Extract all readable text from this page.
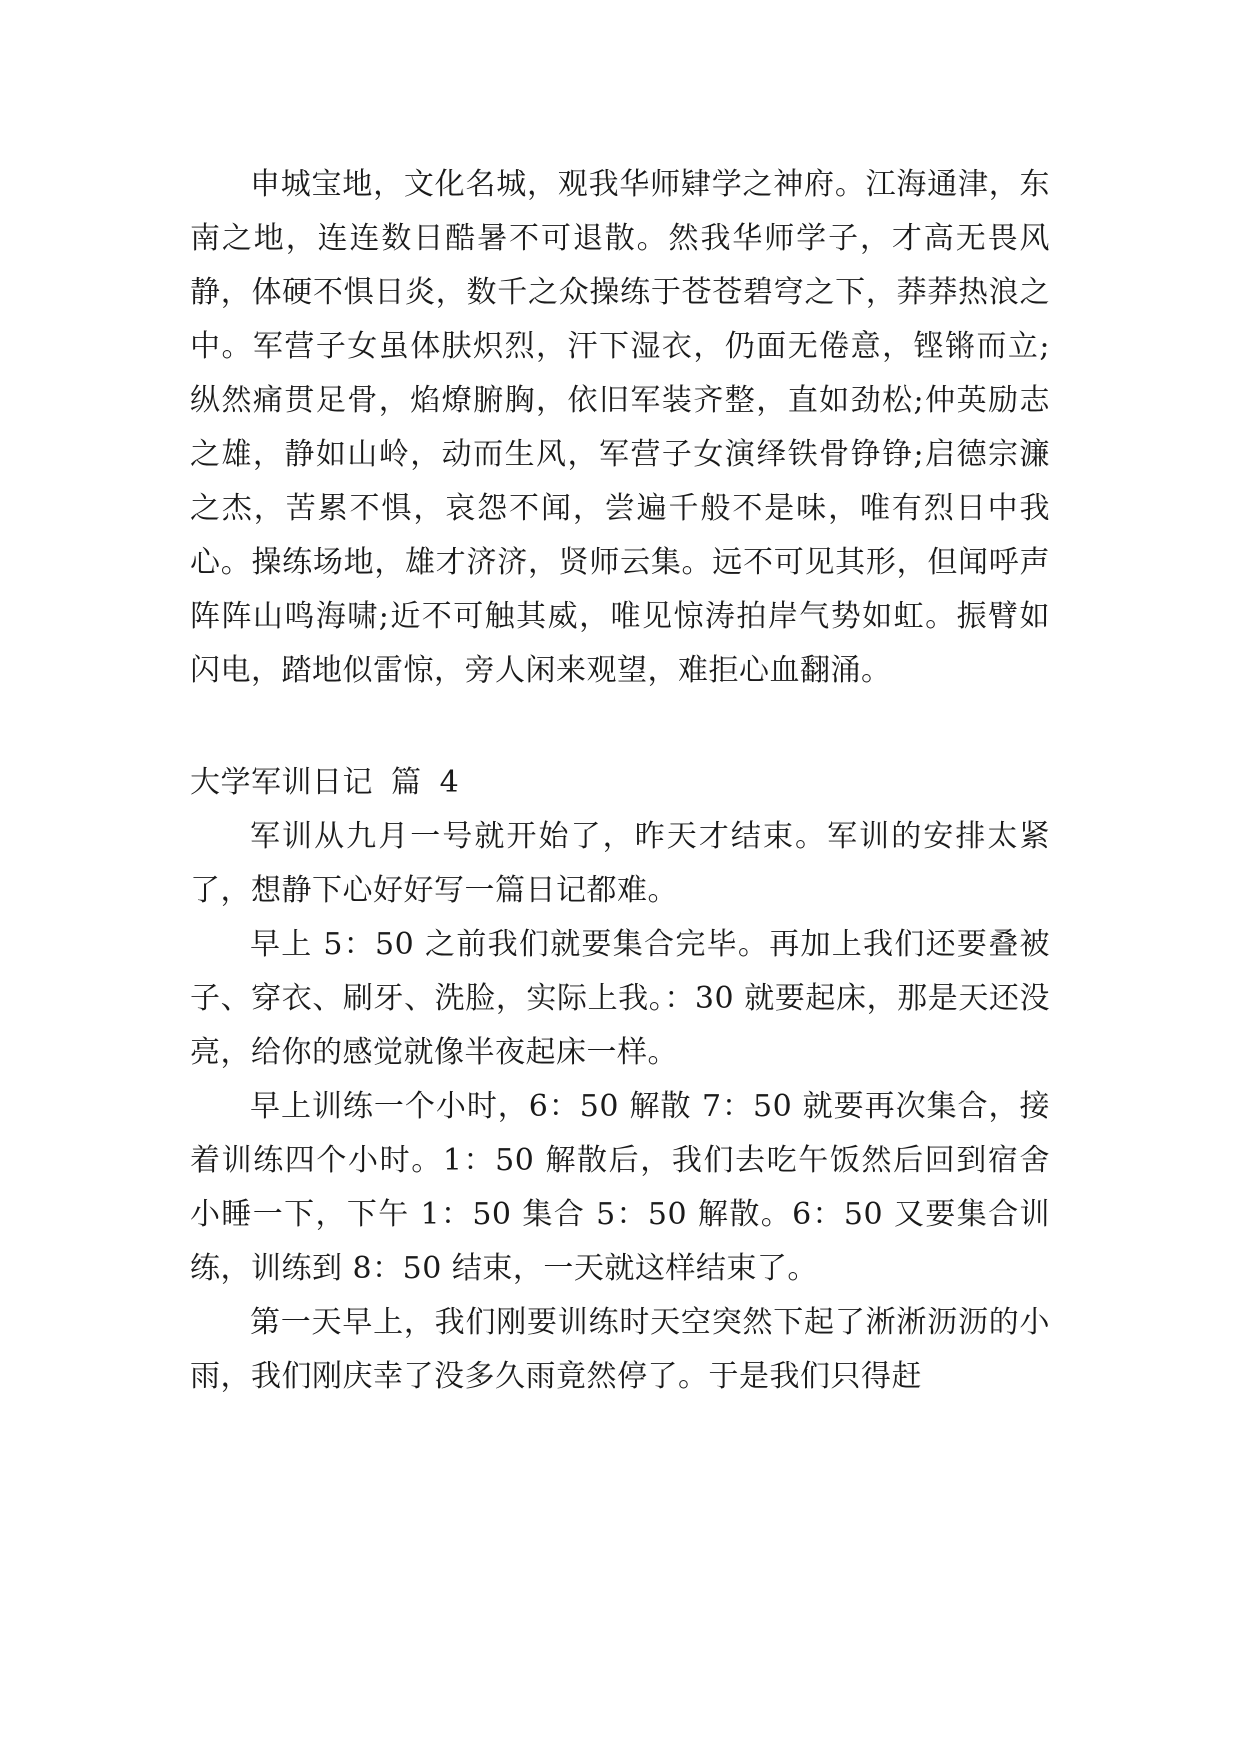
申城宝地，文化名城，观我华师肄学之神府。江海通津，东南之地，连连数日酷暑不可退散。然我华师学子，才高无畏风静，体硬不惧日炎，数千之众操练于苍苍碧穹之下，莽莽热浪之中。军营子女虽体肤炽烈，汗下湿衣，仍面无倦意，铿锵而立;纵然痛贯足骨，焰燎腑胸，依旧军装齐整，直如劲松;仲英励志之雄，静如山岭，动而生风，军营子女演绎铁骨铮铮;启德宗濂之杰，苦累不惧，哀怨不闻，尝遍千般不是味，唯有烈日中我心。操练场地，雄才济济，贤师云集。远不可见其形，但闻呼声阵阵山鸣海啸;近不可触其威，唯见惊涛拍岸气势如虹。振臂如闪电，踏地似雷惊，旁人闲来观望，难拒心血翻涌。

大学军训日记 篇 4

军训从九月一号就开始了，昨天才结束。军训的安排太紧了，想静下心好好写一篇日记都难。

早上 5：50 之前我们就要集合完毕。再加上我们还要叠被子、穿衣、刷牙、洗脸，实际上我。：30 就要起床，那是天还没亮，给你的感觉就像半夜起床一样。

早上训练一个小时，6：50 解散 7：50 就要再次集合，接着训练四个小时。1：50 解散后，我们去吃午饭然后回到宿舍小睡一下，下午 1：50 集合 5：50 解散。6：50 又要集合训练，训练到 8：50 结束，一天就这样结束了。

第一天早上，我们刚要训练时天空突然下起了淅淅沥沥的小雨，我们刚庆幸了没多久雨竟然停了。于是我们只得赶
